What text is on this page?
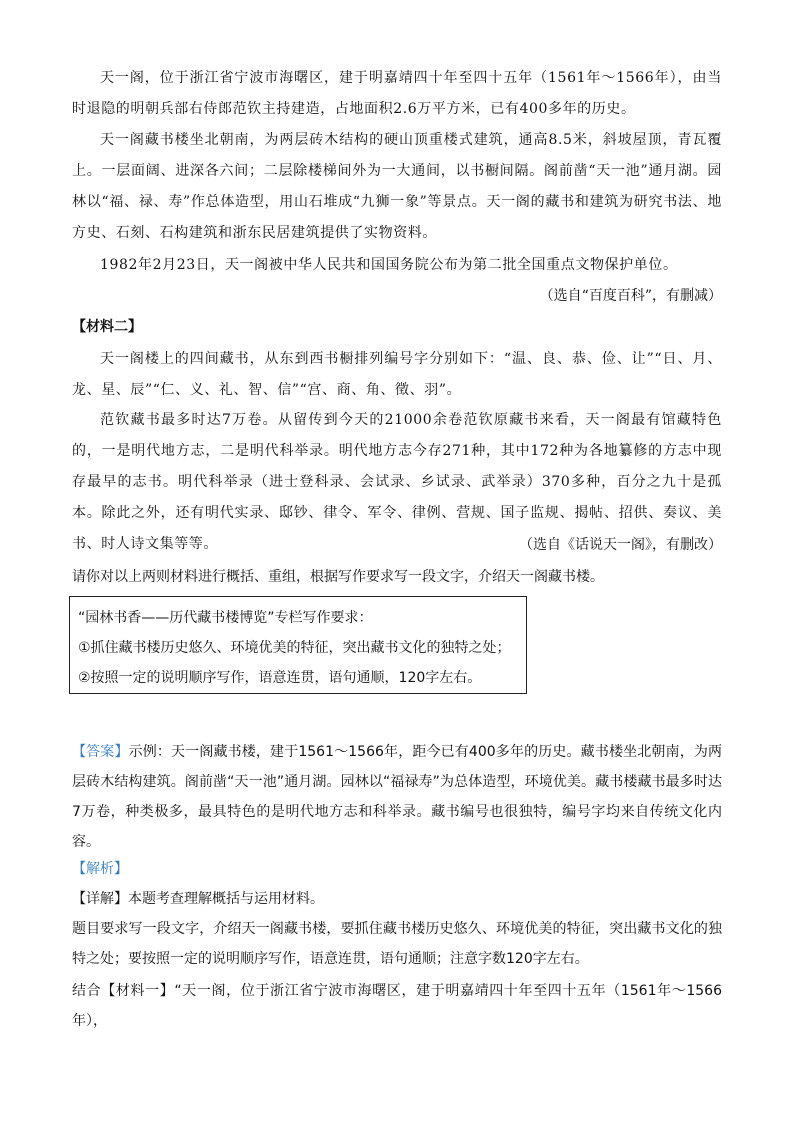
天一阁，位于浙江省宁波市海曙区，建于明嘉靖四十年至四十五年（1561年～1566年），由当时退隐的明朝兵部右侍郎范钦主持建造，占地面积2.6万平方米，已有400多年的历史。

天一阁藏书楼坐北朝南，为两层砖木结构的硬山顶重楼式建筑，通高8.5米，斜坡屋顶，青瓦覆上。一层面阔、进深各六间；二层除楼梯间外为一大通间，以书橱间隔。阁前凿“天一池”通月湖。园林以“福、禄、寿”作总体造型，用山石堆成“九狮一象”等景点。天一阁的藏书和建筑为研究书法、地方史、石刻、石构建筑和浙东民居建筑提供了实物资料。

1982年2月23日，天一阁被中华人民共和国国务院公布为第二批全国重点文物保护单位。

（选自“百度百科”，有删减）

【材料二】

天一阁楼上的四间藏书，从东到西书橱排列编号字分别如下：“温、良、恭、俭、让”“日、月、龙、星、辰”“仁、义、礼、智、信”“宫、商、角、徵、羽”。

范钦藏书最多时达7万卷。从留传到今天的21000余卷范钦原藏书来看，天一阁最有馆藏特色的，一是明代地方志，二是明代科举录。明代地方志今存271种，其中172种为各地纂修的方志中现存最早的志书。明代科举录（进士登科录、会试录、乡试录、武举录）370多种，百分之九十是孤本。除此之外，还有明代实录、邸钞、律令、军令、律例、营规、国子监规、揭帖、招供、奏议、美书、时人诗文集等等。	（选自《话说天一阁》，有删改）

请你对以上两则材料进行概括、重组，根据写作要求写一段文字，介绍天一阁藏书楼。

“园林书香——历代藏书楼博览”专栏写作要求：

①抓住藏书楼历史悠久、环境优美的特征，突出藏书文化的独特之处；

②按照一定的说明顺序写作，语意连贯，语句通顺，120字左右。

【答案】示例：天一阁藏书楼，建于1561～1566年，距今已有400多年的历史。藏书楼坐北朝南，为两层砖木结构建筑。阁前凿“天一池”通月湖。园林以“福禄寿”为总体造型，环境优美。藏书楼藏书最多时达7万卷，种类极多，最具特色的是明代地方志和科举录。藏书编号也很独特，编号字均来自传统文化内容。

【解析】

【详解】本题考查理解概括与运用材料。

题目要求写一段文字，介绍天一阁藏书楼，要抓住藏书楼历史悠久、环境优美的特征，突出藏书文化的独特之处；要按照一定的说明顺序写作，语意连贯，语句通顺；注意字数120字左右。

结合【材料一】“天一阁，位于浙江省宁波市海曙区，建于明嘉靖四十年至四十五年（1561年～1566年），
